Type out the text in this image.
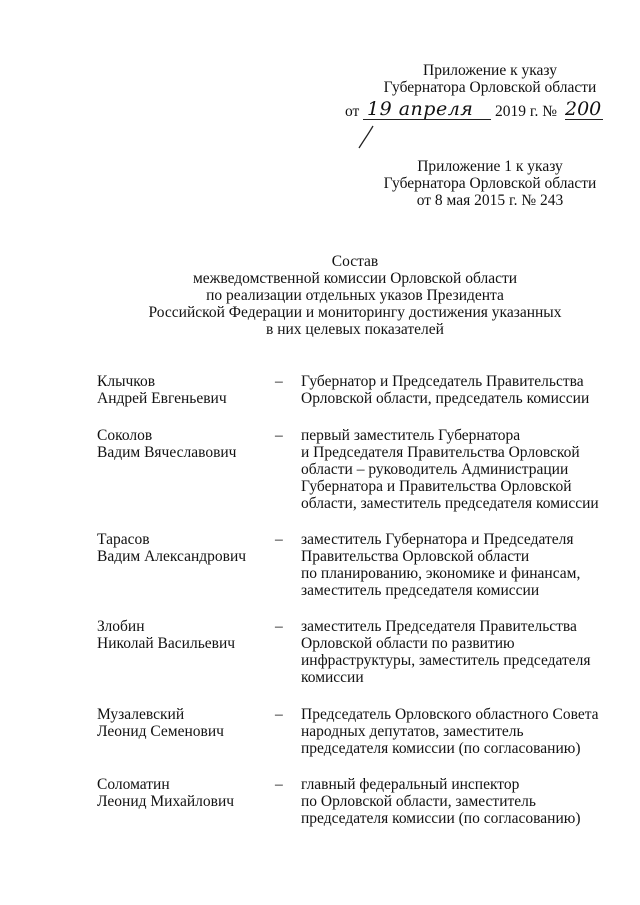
Приложение к указу
Губернатора Орловской области
от 19 апреля 2019 г. № 200
Приложение 1 к указу
Губернатора Орловской области
от 8 мая 2015 г. № 243
Состав
межведомственной комиссии Орловской области
по реализации отдельных указов Президента
Российской Федерации и мониторингу достижения указанных
в них целевых показателей
Клычков
Андрей Евгеньевич
– Губернатор и Председатель Правительства
Орловской области, председатель комиссии
Соколов
Вадим Вячеславович
– первый заместитель Губернатора
и Председателя Правительства Орловской
области – руководитель Администрации
Губернатора и Правительства Орловской
области, заместитель председателя комиссии
Тарасов
Вадим Александрович
– заместитель Губернатора и Председателя
Правительства Орловской области
по планированию, экономике и финансам,
заместитель председателя комиссии
Злобин
Николай Васильевич
– заместитель Председателя Правительства
Орловской области по развитию
инфраструктуры, заместитель председателя
комиссии
Музалевский
Леонид Семенович
– Председатель Орловского областного Совета
народных депутатов, заместитель
председателя комиссии (по согласованию)
Соломатин
Леонид Михайлович
– главный федеральный инспектор
по Орловской области, заместитель
председателя комиссии (по согласованию)
